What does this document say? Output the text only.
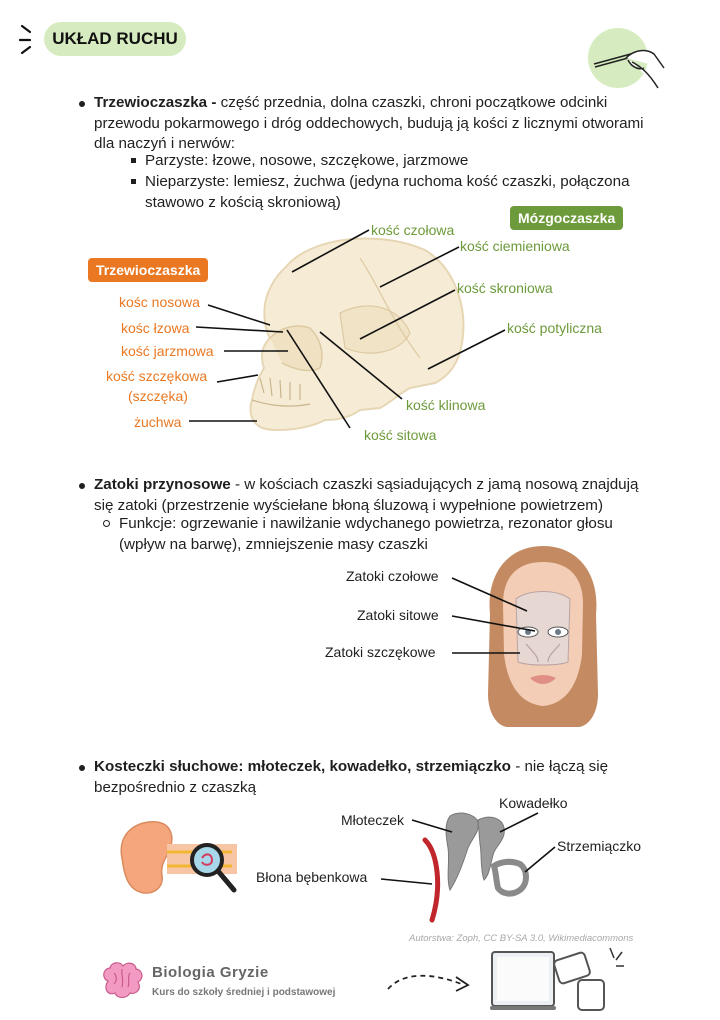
UKŁAD RUCHU
Trzewioczaszka - część przednia, dolna czaszki, chroni początkowe odcinki przewodu pokarmowego i dróg oddechowych, budują ją kości z licznymi otworami dla naczyń i nerwów:
Parzyste: łzowe, nosowe, szczękowe, jarzmowe
Nieparzyste: lemiesz, żuchwa (jedyna ruchoma kość czaszki, połączona stawowo z kością skroniową)
Mózgoczaszka
Trzewioczaszka
kość czołowa
kość ciemieniowa
kość skroniowa
kość potyliczna
kość klinowa
kość sitowa
kośc nosowa
kośc łzowa
kość jarzmowa
kość szczękowa
(szczęka)
żuchwa
Zatoki przynosowe - w kościach czaszki sąsiadujących z jamą nosową znajdują się zatoki (przestrzenie wyściełane błoną śluzową i wypełnione powietrzem)
Funkcje: ogrzewanie i nawilżanie wdychanego powietrza, rezonator głosu (wpływ na barwę), zmniejszenie masy czaszki
Zatoki czołowe
Zatoki sitowe
Zatoki szczękowe
Kosteczki słuchowe: młoteczek, kowadełko, strzemiączko - nie łączą się bezpośrednio z czaszką
Młoteczek
Kowadełko
Strzemiączko
Błona bębenkowa
Autorstwa: Zoph, CC BY-SA 3.0, Wikimediacommons
Biologia Gryzie
Kurs do szkoły średniej i podstawowej
